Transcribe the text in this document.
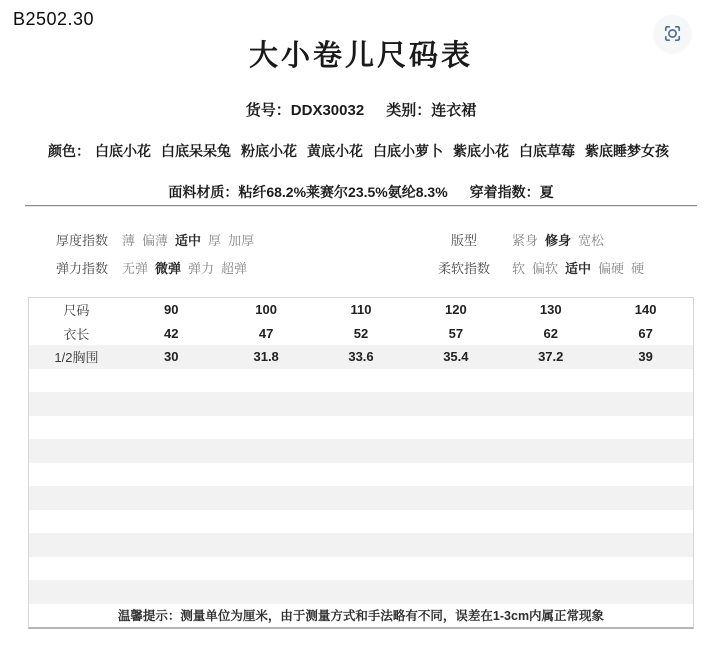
B2502.30
大小卷儿尺码表
货号：DDX30032 类别：连衣裙
颜色： 白底小花 白底呆呆兔 粉底小花 黄底小花 白底小萝卜 紫底小花 白底草莓 紫底睡梦女孩
面料材质：粘纤68.2%莱赛尔23.5%氨纶8.3% 穿着指数：夏
厚度指数 薄 偏薄 适中 厚 加厚	版型	紧身 修身 宽松
弹力指数 无弹 微弹 弹力 超弹	柔软指数 软 偏软 适中 偏硬 硬
尺码	90	100	110	120	130	140
衣长	42	47	52	57	62	67
1/2胸围	30	31.8	33.6	35.4	37.2	39
温馨提示：测量单位为厘米，由于测量方式和手法略有不同，误差在1-3cm内属正常现象
